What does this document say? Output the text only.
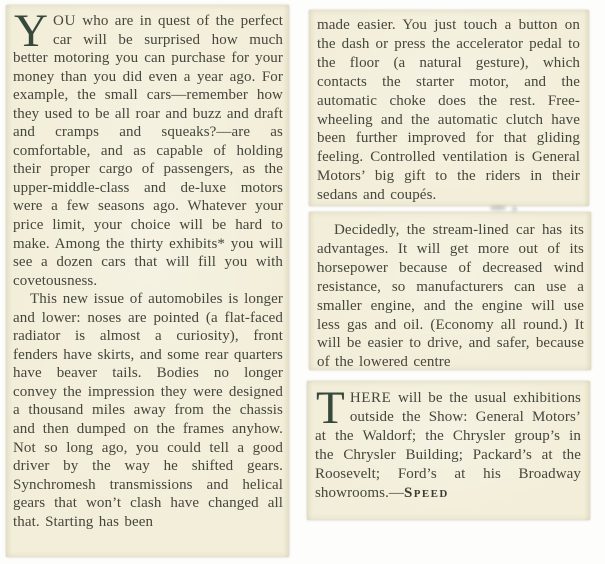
YOU who are in quest of the perfect car will be surprised how much better motoring you can purchase for your money than you did even a year ago. For example, the small cars—remember how they used to be all roar and buzz and draft and cramps and squeaks?—are as comfortable, and as capable of holding their proper cargo of passengers, as the upper-middle-class and de-luxe motors were a few seasons ago. Whatever your price limit, your choice will be hard to make. Among the thirty exhibits* you will see a dozen cars that will fill you with covetousness.

This new issue of automobiles is longer and lower: noses are pointed (a flat-faced radiator is almost a curiosity), front fenders have skirts, and some rear quarters have beaver tails. Bodies no longer convey the impression they were designed a thousand miles away from the chassis and then dumped on the frames anyhow. Not so long ago, you could tell a good driver by the way he shifted gears. Synchromesh transmissions and helical gears that won’t clash have changed all that. Starting has been

made easier. You just touch a button on the dash or press the accelerator pedal to the floor (a natural gesture), which contacts the starter motor, and the automatic choke does the rest. Free-wheeling and the automatic clutch have been further improved for that gliding feeling. Controlled ventilation is General Motors’ big gift to the riders in their sedans and coupés.

Decidedly, the stream-lined car has its advantages. It will get more out of its horsepower because of decreased wind resistance, so manufacturers can use a smaller engine, and the engine will use less gas and oil. (Economy all round.) It will be easier to drive, and safer, because of the lowered centre

THERE will be the usual exhibitions outside the Show: General Motors’ at the Waldorf; the Chrysler group’s in the Chrysler Building; Packard’s at the Roosevelt; Ford’s at his Broadway showrooms.—Speed
